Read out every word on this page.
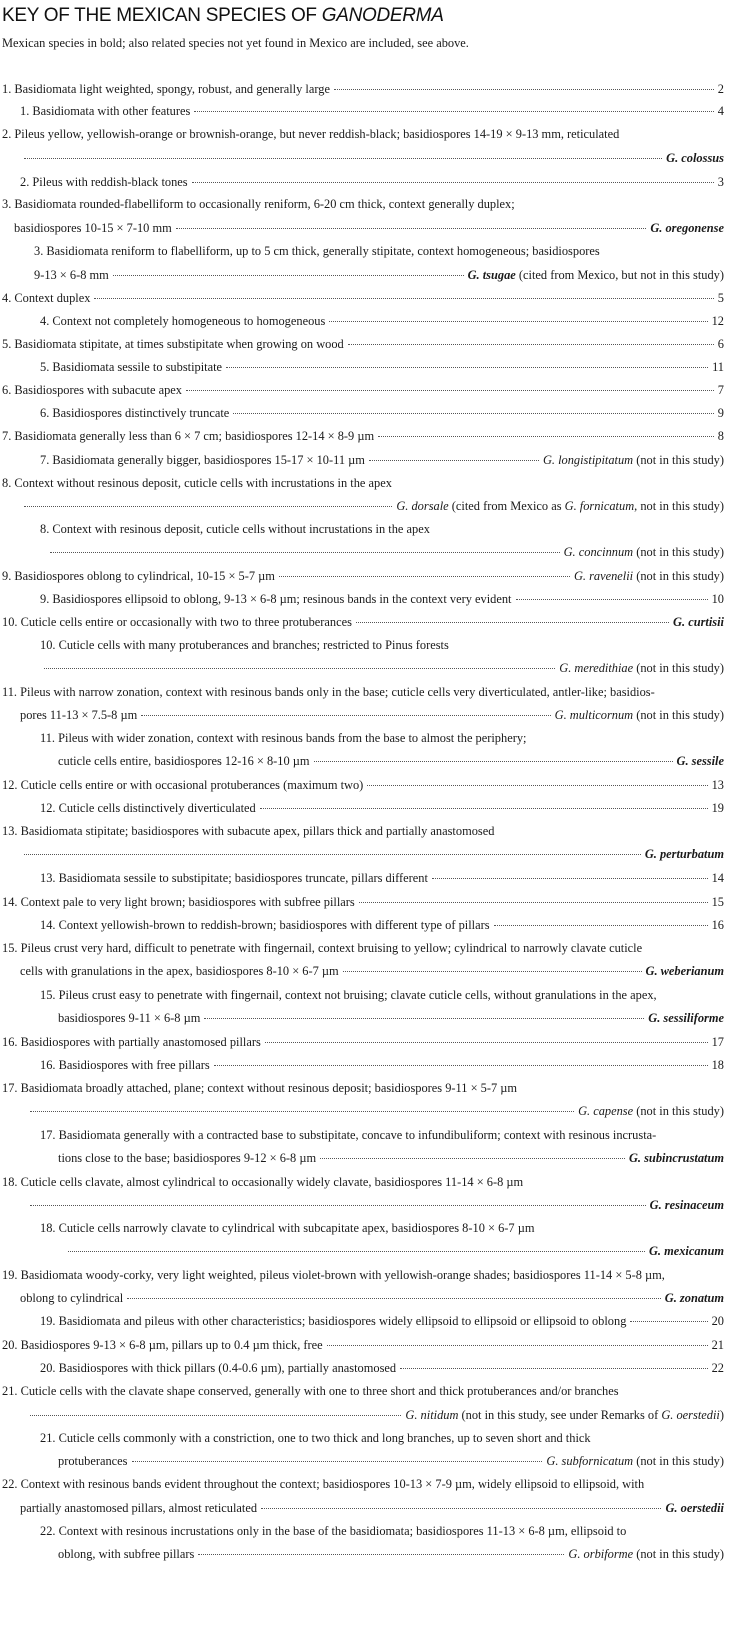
KEY OF THE MEXICAN SPECIES OF GANODERMA
Mexican species in bold; also related species not yet found in Mexico are included, see above.
1. Basidiomata light weighted, spongy, robust, and generally large	2
1. Basidiomata with other features	4
2. Pileus yellow, yellowish-orange or brownish-orange, but never reddish-black; basidiospores 14-19 × 9-13 mm, reticulated
G. colossus
2. Pileus with reddish-black tones	3
3. Basidiomata rounded-flabelliform to occasionally reniform, 6-20 cm thick, context generally duplex;
basidiospores 10-15 × 7-10 mm	G. oregonense
3. Basidiomata reniform to flabelliform, up to 5 cm thick, generally stipitate, context homogeneous; basidiospores
9-13 × 6-8 mm	G. tsugae (cited from Mexico, but not in this study)
4. Context duplex	5
4. Context not completely homogeneous to homogeneous	12
5. Basidiomata stipitate, at times substipitate when growing on wood	6
5. Basidiomata sessile to substipitate	11
6. Basidiospores with subacute apex	7
6. Basidiospores distinctively truncate	9
7. Basidiomata generally less than 6 × 7 cm; basidiospores 12-14 × 8-9 µm	8
7. Basidiomata generally bigger, basidiospores 15-17 × 10-11 µm	G. longistipitatum (not in this study)
8. Context without resinous deposit, cuticle cells with incrustations in the apex
G. dorsale (cited from Mexico as G. fornicatum, not in this study)
8. Context with resinous deposit, cuticle cells without incrustations in the apex
G. concinnum (not in this study)
9. Basidiospores oblong to cylindrical, 10-15 × 5-7 µm	G. ravenelii (not in this study)
9. Basidiospores ellipsoid to oblong, 9-13 × 6-8 µm; resinous bands in the context very evident	10
10. Cuticle cells entire or occasionally with two to three protuberances	G. curtisii
10. Cuticle cells with many protuberances and branches; restricted to Pinus forests
G. meredithiae (not in this study)
11. Pileus with narrow zonation, context with resinous bands only in the base; cuticle cells very diverticulated, antler-like; basidios-
pores 11-13 × 7.5-8 µm	G. multicornum (not in this study)
11. Pileus with wider zonation, context with resinous bands from the base to almost the periphery;
cuticle cells entire, basidiospores 12-16 × 8-10 µm	G. sessile
12. Cuticle cells entire or with occasional protuberances (maximum two)	13
12. Cuticle cells distinctively diverticulated	19
13. Basidiomata stipitate; basidiospores with subacute apex, pillars thick and partially anastomosed
G. perturbatum
13. Basidiomata sessile to substipitate; basidiospores truncate, pillars different	14
14. Context pale to very light brown; basidiospores with subfree pillars	15
14. Context yellowish-brown to reddish-brown; basidiospores with different type of pillars	16
15. Pileus crust very hard, difficult to penetrate with fingernail, context bruising to yellow; cylindrical to narrowly clavate cuticle
cells with granulations in the apex, basidiospores 8-10 × 6-7 µm	G. weberianum
15. Pileus crust easy to penetrate with fingernail, context not bruising; clavate cuticle cells, without granulations in the apex,
basidiospores 9-11 × 6-8 µm	G. sessiliforme
16. Basidiospores with partially anastomosed pillars	17
16. Basidiospores with free pillars	18
17. Basidiomata broadly attached, plane; context without resinous deposit; basidiospores 9-11 × 5-7 µm
G. capense (not in this study)
17. Basidiomata generally with a contracted base to substipitate, concave to infundibuliform; context with resinous incrusta-
tions close to the base; basidiospores 9-12 × 6-8 µm	G. subincrustatum
18. Cuticle cells clavate, almost cylindrical to occasionally widely clavate, basidiospores 11-14 × 6-8 µm
G. resinaceum
18. Cuticle cells narrowly clavate to cylindrical with subcapitate apex, basidiospores 8-10 × 6-7 µm
G. mexicanum
19. Basidiomata woody-corky, very light weighted, pileus violet-brown with yellowish-orange shades; basidiospores 11-14 × 5-8 µm,
oblong to cylindrical	G. zonatum
19. Basidiomata and pileus with other characteristics; basidiospores widely ellipsoid to ellipsoid or ellipsoid to oblong	20
20. Basidiospores 9-13 × 6-8 µm, pillars up to 0.4 µm thick, free	21
20. Basidiospores with thick pillars (0.4-0.6 µm), partially anastomosed	22
21. Cuticle cells with the clavate shape conserved, generally with one to three short and thick protuberances and/or branches
G. nitidum (not in this study, see under Remarks of G. oerstedii)
21. Cuticle cells commonly with a constriction, one to two thick and long branches, up to seven short and thick
protuberances	G. subfornicatum (not in this study)
22. Context with resinous bands evident throughout the context; basidiospores 10-13 × 7-9 µm, widely ellipsoid to ellipsoid, with
partially anastomosed pillars, almost reticulated	G. oerstedii
22. Context with resinous incrustations only in the base of the basidiomata; basidiospores 11-13 × 6-8 µm, ellipsoid to
oblong, with subfree pillars	G. orbiforme (not in this study)
